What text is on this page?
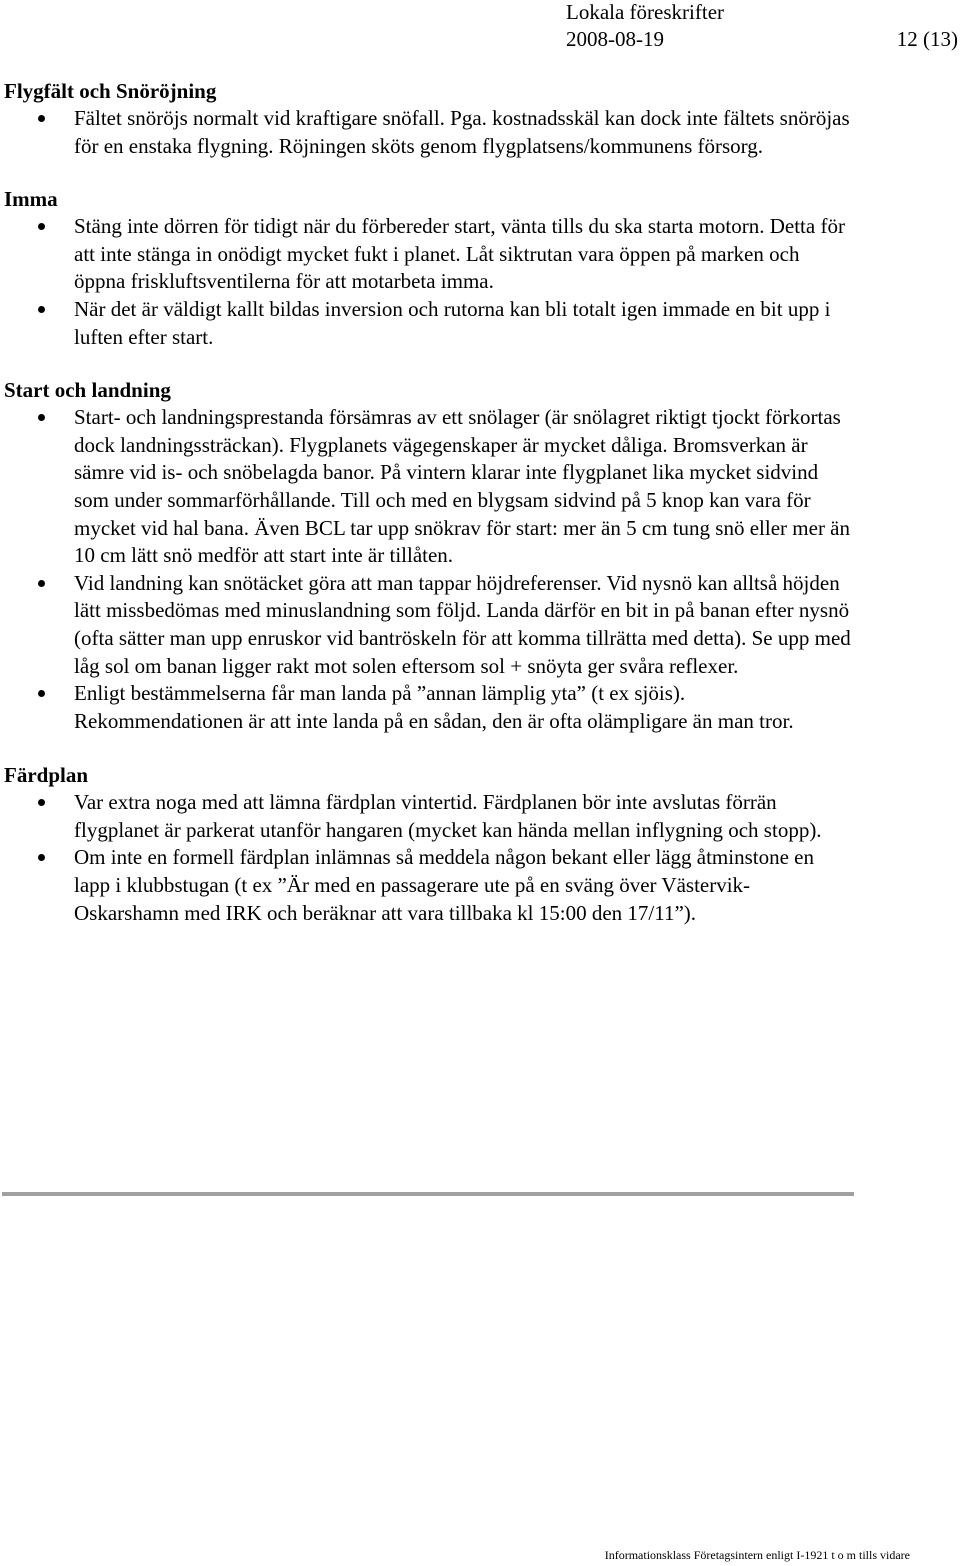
Lokala föreskrifter
2008-08-19	12 (13)
Flygfält och Snöröjning
Fältet snöröjs normalt vid kraftigare snöfall. Pga. kostnadsskäl kan dock inte fältets snöröjas för en enstaka flygning. Röjningen sköts genom flygplatsens/kommunens försorg.
Imma
Stäng inte dörren för tidigt när du förbereder start, vänta tills du ska starta motorn. Detta för att inte stänga in onödigt mycket fukt i planet. Låt siktrutan vara öppen på marken och öppna friskluftsventilerna för att motarbeta imma.
När det är väldigt kallt bildas inversion och rutorna kan bli totalt igen immade en bit upp i luften efter start.
Start och landning
Start- och landningsprestanda försämras av ett snölager (är snölagret riktigt tjockt förkortas dock landningssträckan). Flygplanets vägegenskaper är mycket dåliga. Bromsverkan är sämre vid is- och snöbelagda banor. På vintern klarar inte flygplanet lika mycket sidvind som under sommarförhållande. Till och med en blygsam sidvind på 5 knop kan vara för mycket vid hal bana. Även BCL tar upp snökrav för start: mer än 5 cm tung snö eller mer än 10 cm lätt snö medför att start inte är tillåten.
Vid landning kan snötäcket göra att man tappar höjdreferenser. Vid nysnö kan alltså höjden lätt missbedömas med minuslandning som följd. Landa därför en bit in på banan efter nysnö (ofta sätter man upp enruskor vid bantröskeln för att komma tillrätta med detta). Se upp med låg sol om banan ligger rakt mot solen eftersom sol + snöyta ger svåra reflexer.
Enligt bestämmelserna får man landa på ”annan lämplig yta” (t ex sjöis). Rekommendationen är att inte landa på en sådan, den är ofta olämpligare än man tror.
Färdplan
Var extra noga med att lämna färdplan vintertid. Färdplanen bör inte avslutas förrän flygplanet är parkerat utanför hangaren (mycket kan hända mellan inflygning och stopp).
Om inte en formell färdplan inlämnas så meddela någon bekant eller lägg åtminstone en lapp i klubbstugan (t ex ”Är med en passagerare ute på en sväng över Västervik-Oskarshamn med IRK och beräknar att vara tillbaka kl 15:00 den 17/11”).
Informationsklass Företagsintern enligt I-1921 t o m tills vidare
